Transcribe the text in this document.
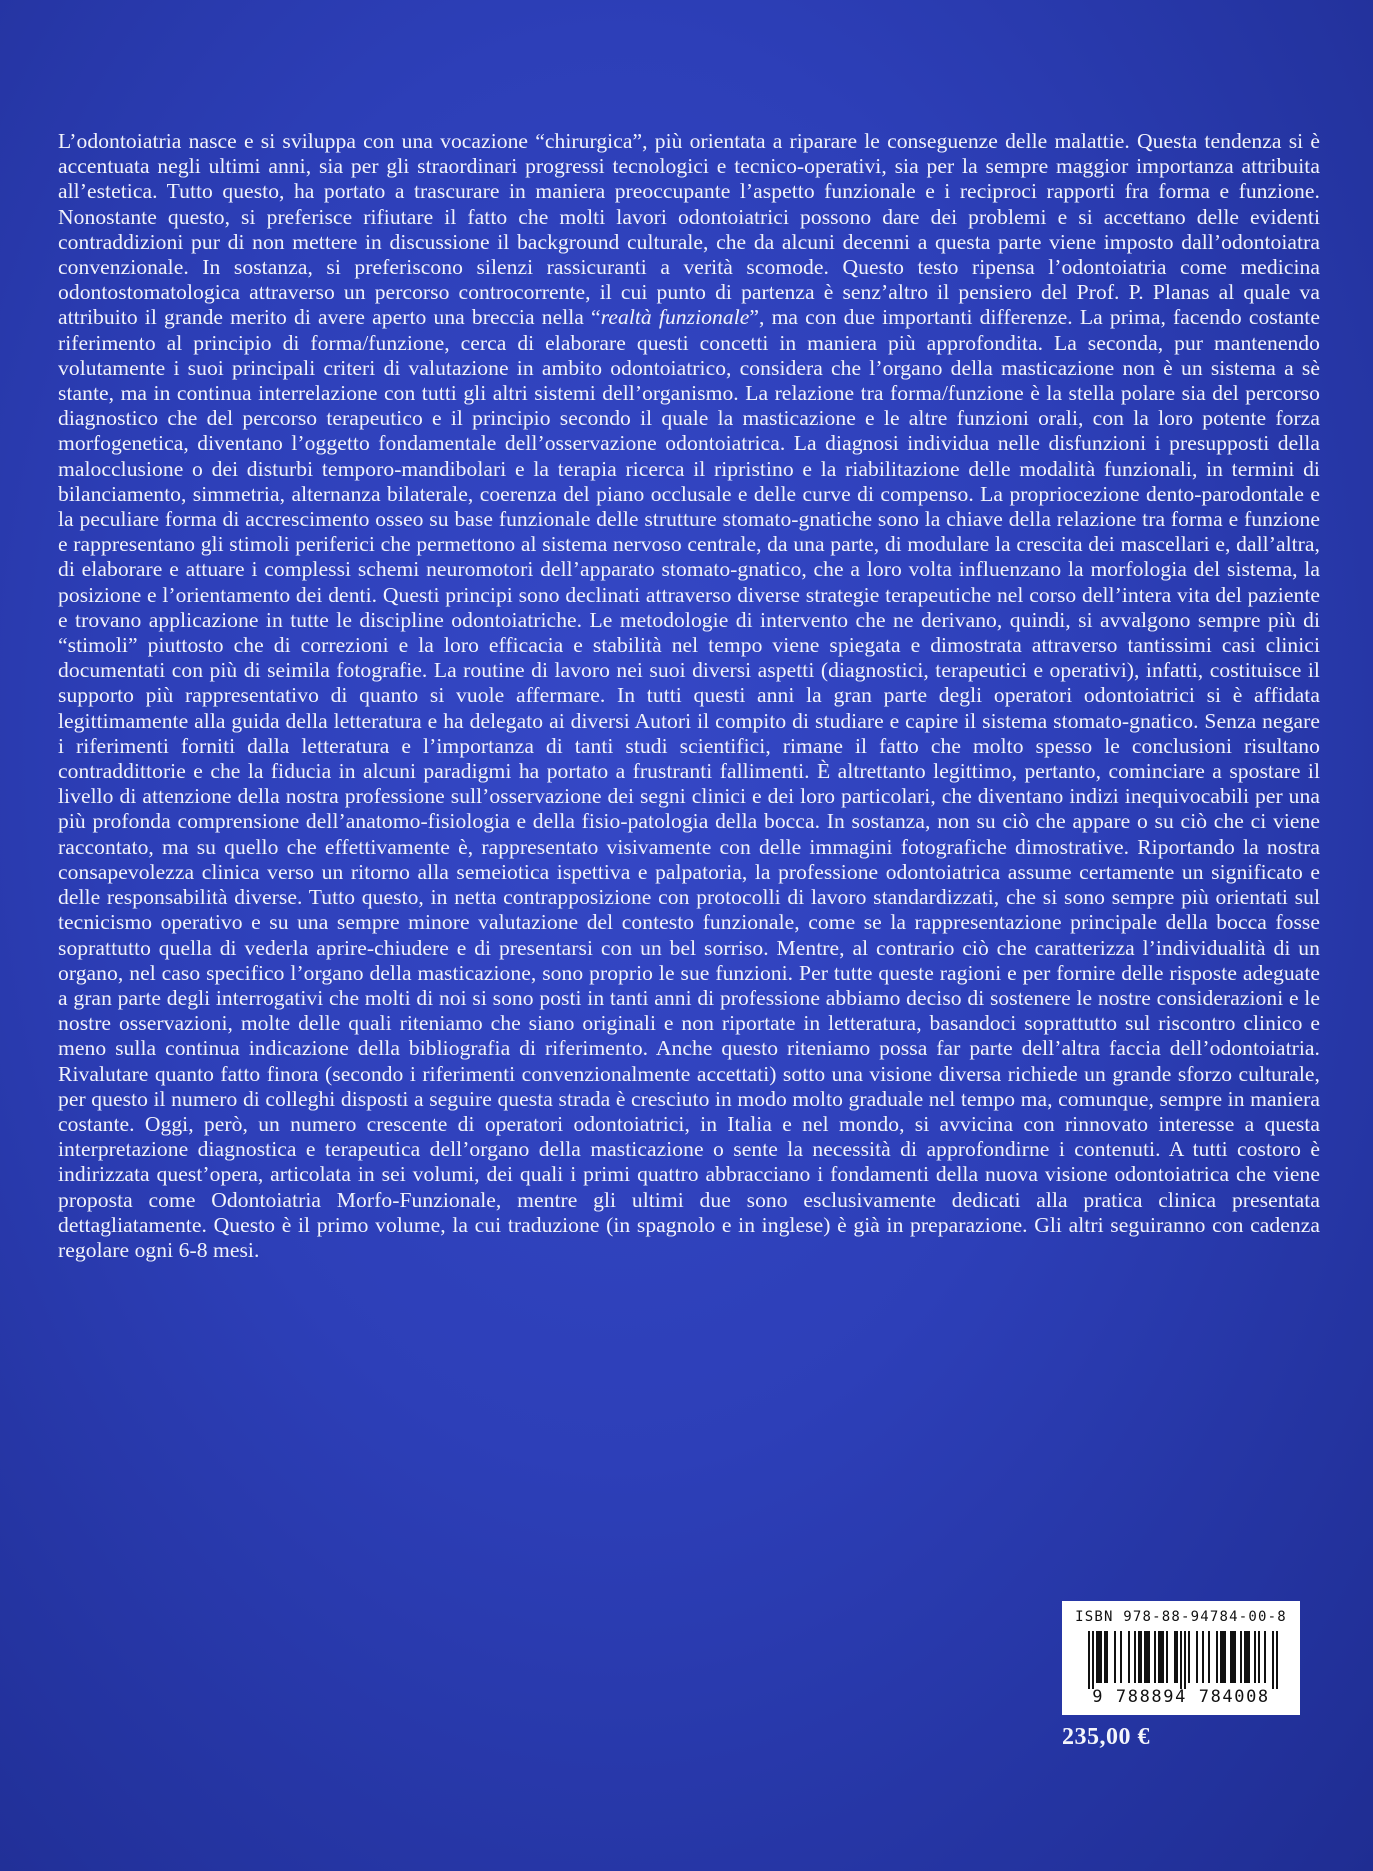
L’odontoiatria nasce e si sviluppa con una vocazione “chirurgica”, più orientata a riparare le conseguenze delle malattie. Questa tendenza si è accentuata negli ultimi anni, sia per gli straordinari progressi tecnologici e tecnico-operativi, sia per la sempre maggior importanza attribuita all’estetica. Tutto questo, ha portato a trascurare in maniera preoccupante l’aspetto funzionale e i reciproci rapporti fra forma e funzione. Nonostante questo, si preferisce rifiutare il fatto che molti lavori odontoiatrici possono dare dei problemi e si accettano delle evidenti contraddizioni pur di non mettere in discussione il background culturale, che da alcuni decenni a questa parte viene imposto dall’odontoiatra convenzionale. In sostanza, si preferiscono silenzi rassicuranti a verità scomode. Questo testo ripensa l’odontoiatria come medicina odontostomatologica attraverso un percorso controcorrente, il cui punto di partenza è senz’altro il pensiero del Prof. P. Planas al quale va attribuito il grande merito di avere aperto una breccia nella “realtà funzionale”, ma con due importanti differenze. La prima, facendo costante riferimento al principio di forma/funzione, cerca di elaborare questi concetti in maniera più approfondita. La seconda, pur mantenendo volutamente i suoi principali criteri di valutazione in ambito odontoiatrico, considera che l’organo della masticazione non è un sistema a sè stante, ma in continua interrelazione con tutti gli altri sistemi dell’organismo. La relazione tra forma/funzione è la stella polare sia del percorso diagnostico che del percorso terapeutico e il principio secondo il quale la masticazione e le altre funzioni orali, con la loro potente forza morfogenetica, diventano l’oggetto fondamentale dell’osservazione odontoiatrica. La diagnosi individua nelle disfunzioni i presupposti della malocclusione o dei disturbi temporo-mandibolari e la terapia ricerca il ripristino e la riabilitazione delle modalità funzionali, in termini di bilanciamento, simmetria, alternanza bilaterale, coerenza del piano occlusale e delle curve di compenso. La propriocezione dento-parodontale e la peculiare forma di accrescimento osseo su base funzionale delle strutture stomato-gnatiche sono la chiave della relazione tra forma e funzione e rappresentano gli stimoli periferici che permettono al sistema nervoso centrale, da una parte, di modulare la crescita dei mascellari e, dall’altra, di elaborare e attuare i complessi schemi neuromotori dell’apparato stomato-gnatico, che a loro volta influenzano la morfologia del sistema, la posizione e l’orientamento dei denti. Questi principi sono declinati attraverso diverse strategie terapeutiche nel corso dell’intera vita del paziente e trovano applicazione in tutte le discipline odontoiatriche. Le metodologie di intervento che ne derivano, quindi, si avvalgono sempre più di “stimoli” piuttosto che di correzioni e la loro efficacia e stabilità nel tempo viene spiegata e dimostrata attraverso tantissimi casi clinici documentati con più di seimila fotografie. La routine di lavoro nei suoi diversi aspetti (diagnostici, terapeutici e operativi), infatti, costituisce il supporto più rappresentativo di quanto si vuole affermare. In tutti questi anni la gran parte degli operatori odontoiatrici si è affidata legittimamente alla guida della letteratura e ha delegato ai diversi Autori il compito di studiare e capire il sistema stomato-gnatico. Senza negare i riferimenti forniti dalla letteratura e l’importanza di tanti studi scientifici, rimane il fatto che molto spesso le conclusioni risultano contraddittorie e che la fiducia in alcuni paradigmi ha portato a frustranti fallimenti. È altrettanto legittimo, pertanto, cominciare a spostare il livello di attenzione della nostra professione sull’osservazione dei segni clinici e dei loro particolari, che diventano indizi inequivocabili per una più profonda comprensione dell’anatomo-fisiologia e della fisio-patologia della bocca. In sostanza, non su ciò che appare o su ciò che ci viene raccontato, ma su quello che effettivamente è, rappresentato visivamente con delle immagini fotografiche dimostrative. Riportando la nostra consapevolezza clinica verso un ritorno alla semeiotica ispettiva e palpatoria, la professione odontoiatrica assume certamente un significato e delle responsabilità diverse. Tutto questo, in netta contrapposizione con protocolli di lavoro standardizzati, che si sono sempre più orientati sul tecnicismo operativo e su una sempre minore valutazione del contesto funzionale, come se la rappresentazione principale della bocca fosse soprattutto quella di vederla aprire-chiudere e di presentarsi con un bel sorriso. Mentre, al contrario ciò che caratterizza l’individualità di un organo, nel caso specifico l’organo della masticazione, sono proprio le sue funzioni. Per tutte queste ragioni e per fornire delle risposte adeguate a gran parte degli interrogativi che molti di noi si sono posti in tanti anni di professione abbiamo deciso di sostenere le nostre considerazioni e le nostre osservazioni, molte delle quali riteniamo che siano originali e non riportate in letteratura, basandoci soprattutto sul riscontro clinico e meno sulla continua indicazione della bibliografia di riferimento. Anche questo riteniamo possa far parte dell’altra faccia dell’odontoiatria. Rivalutare quanto fatto finora (secondo i riferimenti convenzionalmente accettati) sotto una visione diversa richiede un grande sforzo culturale, per questo il numero di colleghi disposti a seguire questa strada è cresciuto in modo molto graduale nel tempo ma, comunque, sempre in maniera costante. Oggi, però, un numero crescente di operatori odontoiatrici, in Italia e nel mondo, si avvicina con rinnovato interesse a questa interpretazione diagnostica e terapeutica dell’organo della masticazione o sente la necessità di approfondirne i contenuti. A tutti costoro è indirizzata quest’opera, articolata in sei volumi, dei quali i primi quattro abbracciano i fondamenti della nuova visione odontoiatrica che viene proposta come Odontoiatria Morfo-Funzionale, mentre gli ultimi due sono esclusivamente dedicati alla pratica clinica presentata dettagliatamente. Questo è il primo volume, la cui traduzione (in spagnolo e in inglese) è già in preparazione. Gli altri seguiranno con cadenza regolare ogni 6-8 mesi.

ISBN 978-88-94784-00-8
9 788894 784008
235,00 €
